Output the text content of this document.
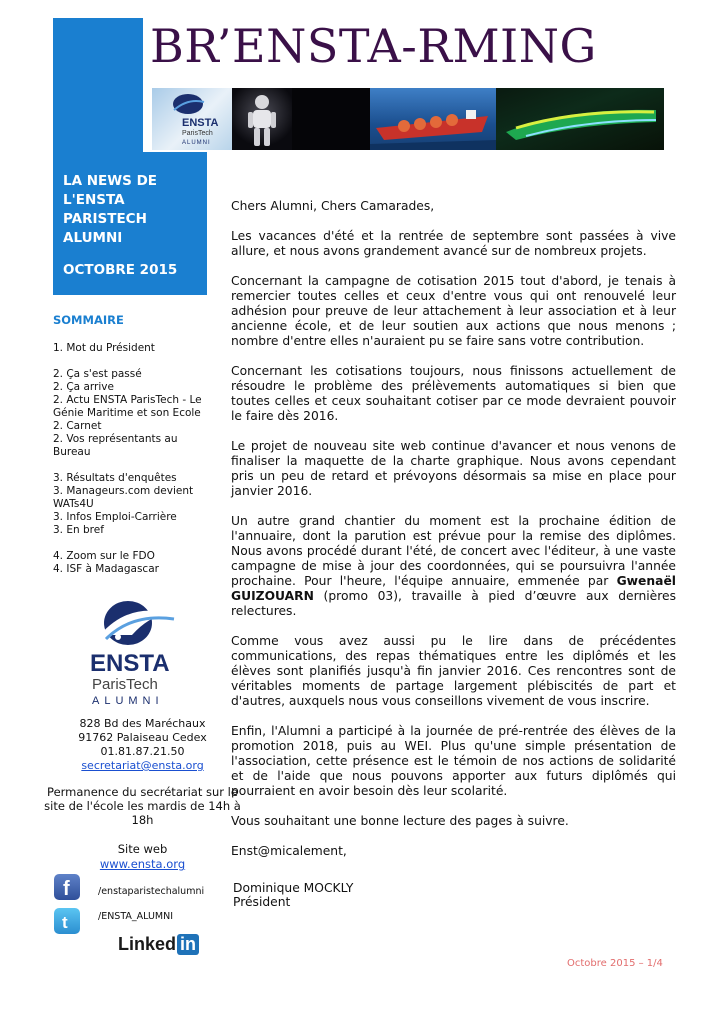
BR’ENSTA-RMING
ENSTA
ParisTech
ALUMNI
LA NEWS DE L'ENSTA PARISTECH ALUMNI
OCTOBRE 2015
SOMMAIRE
1. Mot du Président
2. Ça s'est passé
2. Ça arrive
2. Actu ENSTA ParisTech - Le Génie Maritime et son Ecole
2. Carnet
2. Vos représentants au Bureau
3. Résultats d'enquêtes
3. Manageurs.com devient WATs4U
3. Infos Emploi-Carrière
3. En bref
4. Zoom sur le FDO
4. ISF à Madagascar
ENSTA
ParisTech
ALUMNI
828 Bd des Maréchaux
91762 Palaiseau Cedex
01.81.87.21.50
secretariat@ensta.org
Permanence du secrétariat sur le site de l'école les mardis de 14h à 18h
Site web
www.ensta.org
f	/enstaparistechalumni
t	/ENSTA_ALUMNI
Linked in

Chers Alumni, Chers Camarades,

Les vacances d'été et la rentrée de septembre sont passées à vive allure, et nous avons grandement avancé sur de nombreux projets.

Concernant la campagne de cotisation 2015 tout d'abord, je tenais à remercier toutes celles et ceux d'entre vous qui ont renouvelé leur adhésion pour preuve de leur attachement à leur association et à leur ancienne école, et de leur soutien aux actions que nous menons ; nombre d'entre elles n'auraient pu se faire sans votre contribution.

Concernant les cotisations toujours, nous finissons actuellement de résoudre le problème des prélèvements automatiques si bien que toutes celles et ceux souhaitant cotiser par ce mode devraient pouvoir le faire dès 2016.

Le projet de nouveau site web continue d'avancer et nous venons de finaliser la maquette de la charte graphique. Nous avons cependant pris un peu de retard et prévoyons désormais sa mise en place pour janvier 2016.

Un autre grand chantier du moment est la prochaine édition de l'annuaire, dont la parution est prévue pour la remise des diplômes. Nous avons procédé durant l'été, de concert avec l'éditeur, à une vaste campagne de mise à jour des coordonnées, qui se poursuivra l'année prochaine. Pour l'heure, l'équipe annuaire, emmenée par Gwenaël GUIZOUARN (promo 03), travaille à pied d’œuvre aux dernières relectures.

Comme vous avez aussi pu le lire dans de précédentes communications, des repas thématiques entre les diplômés et les élèves sont planifiés jusqu'à fin janvier 2016. Ces rencontres sont de véritables moments de partage largement plébiscités de part et d'autres, auxquels nous vous conseillons vivement de vous inscrire.

Enfin, l'Alumni a participé à la journée de pré-rentrée des élèves de la promotion 2018, puis au WEI. Plus qu'une simple présentation de l'association, cette présence est le témoin de nos actions de solidarité et de l'aide que nous pouvons apporter aux futurs diplômés qui pourraient en avoir besoin dès leur scolarité.

Vous souhaitant une bonne lecture des pages à suivre.

Enst@micalement,

Dominique MOCKLY
Président
Octobre 2015 – 1/4
